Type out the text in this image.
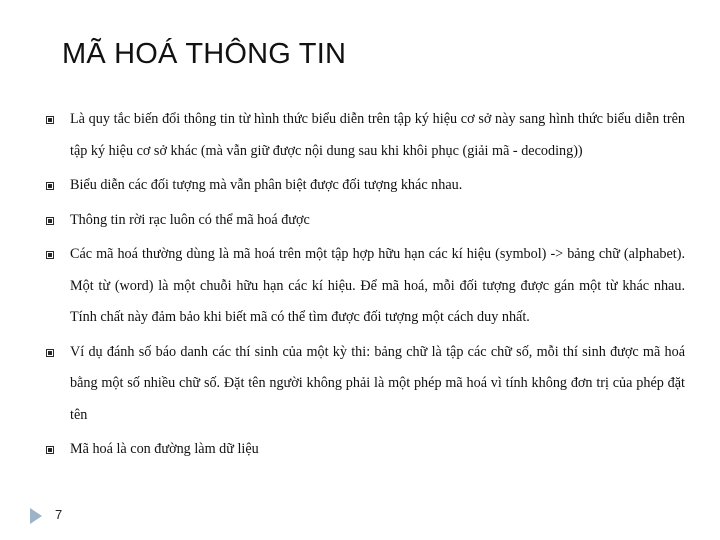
MÃ HOÁ THÔNG TIN
Là quy tắc biến đổi thông tin từ hình thức biểu diễn trên tập ký hiệu cơ sở này sang hình thức biểu diễn trên tập ký hiệu cơ sở khác (mà vẫn giữ được nội dung sau khi khôi phục (giải mã - decoding))
Biểu diễn các đối tượng mà vẫn phân biệt được đối tượng khác nhau.
Thông tin rời rạc luôn có thể mã hoá được
Các mã hoá thường dùng là mã hoá trên một tập hợp hữu hạn các kí hiệu (symbol) -> bảng chữ (alphabet). Một từ (word) là một chuỗi hữu hạn các kí hiệu. Để mã hoá, mỗi đối tượng được gán một từ khác nhau. Tính chất này đảm bảo khi biết mã có thể tìm được đối tượng một cách duy nhất.
Ví dụ đánh số báo danh các thí sinh của một kỳ thi: bảng chữ là tập các chữ số, mỗi thí sinh được mã hoá bằng một số nhiều chữ số. Đặt tên người không phải là một phép mã hoá vì tính không đơn trị của phép đặt tên
Mã hoá là con đường làm dữ liệu
7
